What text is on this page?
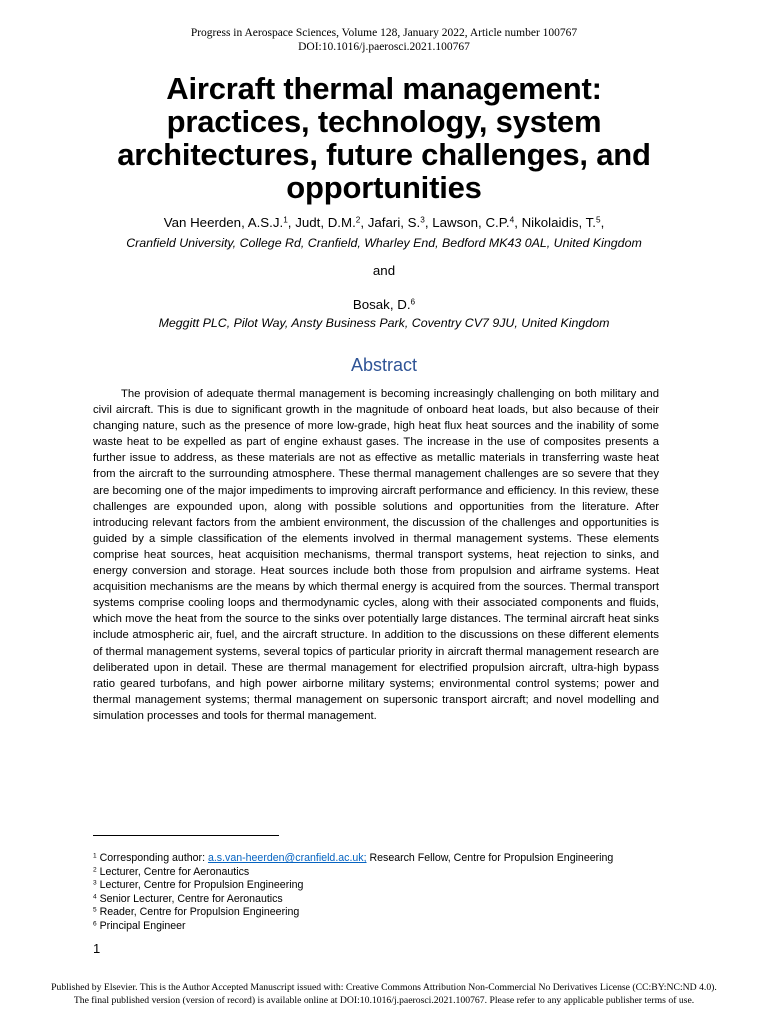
Progress in Aerospace Sciences, Volume 128, January 2022, Article number 100767
DOI:10.1016/j.paerosci.2021.100767
Aircraft thermal management:
practices, technology, system
architectures, future challenges, and
opportunities
Van Heerden, A.S.J.$^1$, Judt, D.M.$^2$, Jafari, S.$^3$, Lawson, C.P.$^4$, Nikolaidis, T.$^5$,
Cranfield University, College Rd, Cranfield, Wharley End, Bedford MK43 0AL, United Kingdom
and
Bosak, D.$^6$
Meggitt PLC, Pilot Way, Ansty Business Park, Coventry CV7 9JU, United Kingdom
Abstract

The provision of adequate thermal management is becoming increasingly challenging on both military and civil aircraft. This is due to significant growth in the magnitude of onboard heat loads, but also because of their changing nature, such as the presence of more low-grade, high heat flux heat sources and the inability of some waste heat to be expelled as part of engine exhaust gases. The increase in the use of composites presents a further issue to address, as these materials are not as effective as metallic materials in transferring waste heat from the aircraft to the surrounding atmosphere. These thermal management challenges are so severe that they are becoming one of the major impediments to improving aircraft performance and efficiency. In this review, these challenges are expounded upon, along with possible solutions and opportunities from the literature. After introducing relevant factors from the ambient environment, the discussion of the challenges and opportunities is guided by a simple classification of the elements involved in thermal management systems. These elements comprise heat sources, heat acquisition mechanisms, thermal transport systems, heat rejection to sinks, and energy conversion and storage. Heat sources include both those from propulsion and airframe systems. Heat acquisition mechanisms are the means by which thermal energy is acquired from the sources. Thermal transport systems comprise cooling loops and thermodynamic cycles, along with their associated components and fluids, which move the heat from the source to the sinks over potentially large distances. The terminal aircraft heat sinks include atmospheric air, fuel, and the aircraft structure. In addition to the discussions on these different elements of thermal management systems, several topics of particular priority in aircraft thermal management research are deliberated upon in detail. These are thermal management for electrified propulsion aircraft, ultra-high bypass ratio geared turbofans, and high power airborne military systems; environmental control systems; power and thermal management systems; thermal management on supersonic transport aircraft; and novel modelling and simulation processes and tools for thermal management.

$^1$ Corresponding author: a.s.van-heerden@cranfield.ac.uk; Research Fellow, Centre for Propulsion Engineering
$^2$ Lecturer, Centre for Aeronautics
$^3$ Lecturer, Centre for Propulsion Engineering
$^4$ Senior Lecturer, Centre for Aeronautics
$^5$ Reader, Centre for Propulsion Engineering
$^6$ Principal Engineer
1
Published by Elsevier. This is the Author Accepted Manuscript issued with: Creative Commons Attribution Non-Commercial No Derivatives License (CC:BY:NC:ND 4.0).
The final published version (version of record) is available online at DOI:10.1016/j.paerosci.2021.100767. Please refer to any applicable publisher terms of use.
